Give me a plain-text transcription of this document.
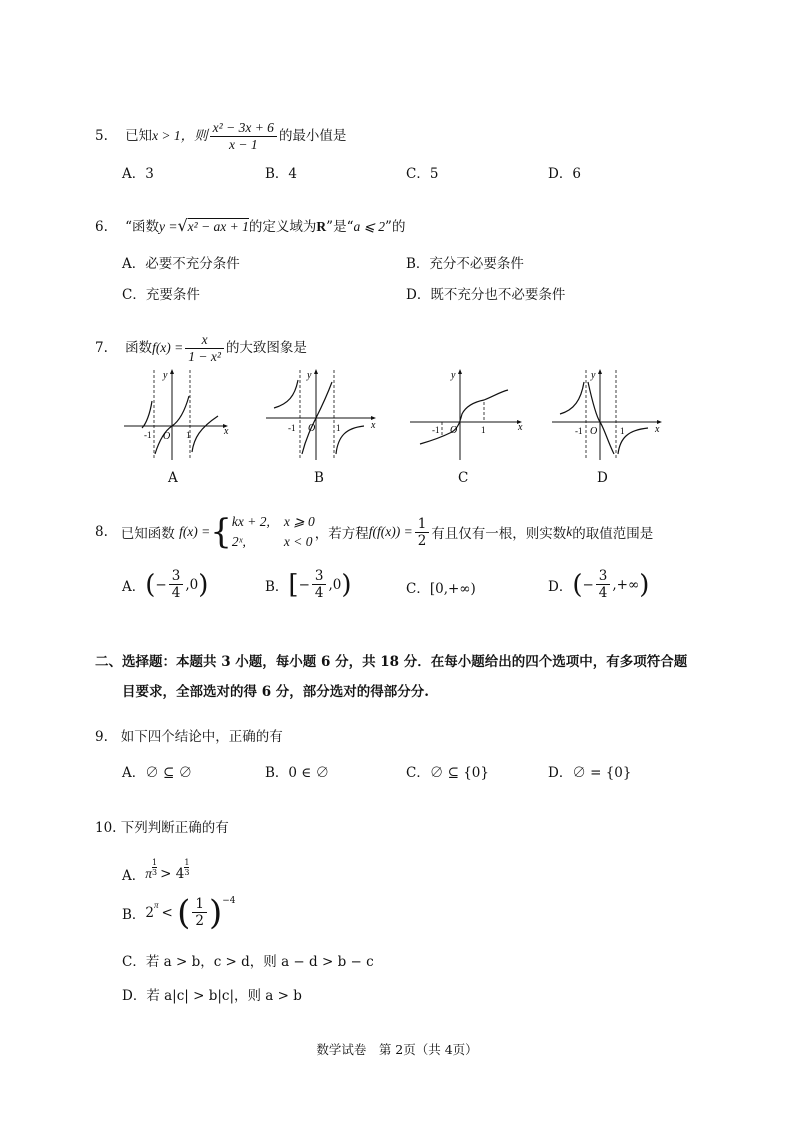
5. 已知x > 1，则 $\frac{\text{x² − 3x + 6}}{x - 1}$ 的最小值是
A．3	B．4	C．5	D．6
6. “函数y =√x² − ax + 1的定义域为R”是“a ⩽ 2”的
A．必要不充分条件	B．充分不必要条件
C．充要条件	D．既不充分也不必要条件
7. 函数$f(x) = \frac{x}{\text{1 − x²}}$ 的大致图象是
y
x
O
-1	1
y
x
O
-1	1
y
x
O
-1	1
y
x
O
-1	1
A	B	C	D
8.
已知函数
f(x) = { kx + 2, x ⩾ 0
2ˣ,	x < 0 ，若方程 $f(f(x)) = \frac{1}{2}$ 有且仅有一根，则实数 k 的取值范围是
A． ( − $\frac{3}{4} ,0$ )	B． [ − $\frac{3}{4} ,0$ )	C．[0,+∞)	D． ( − $\frac{3}{4}$ ,+∞ )
二、选择题：本题共 3 小题，每小题 6 分，共 18 分．在每小题给出的四个选项中，有多项符合题
目要求，全部选对的得 6 分，部分选对的得部分分.
9. 如下四个结论中，正确的有
A．∅ ⊆ ∅	B．0 ∈ ∅	C．∅ ⊆ {0}	D．∅ = {0}
10. 下列判断正确的有
A． π
1
3 >
4
1
3
B． $2^\pi$ <
( $\frac{1}{2} )^{-4}$
C．若 a > b，c > d，则 a − d > b − c
D．若 a|c| > b|c|，则 a > b
数学试卷　第 2页（共 4页）
